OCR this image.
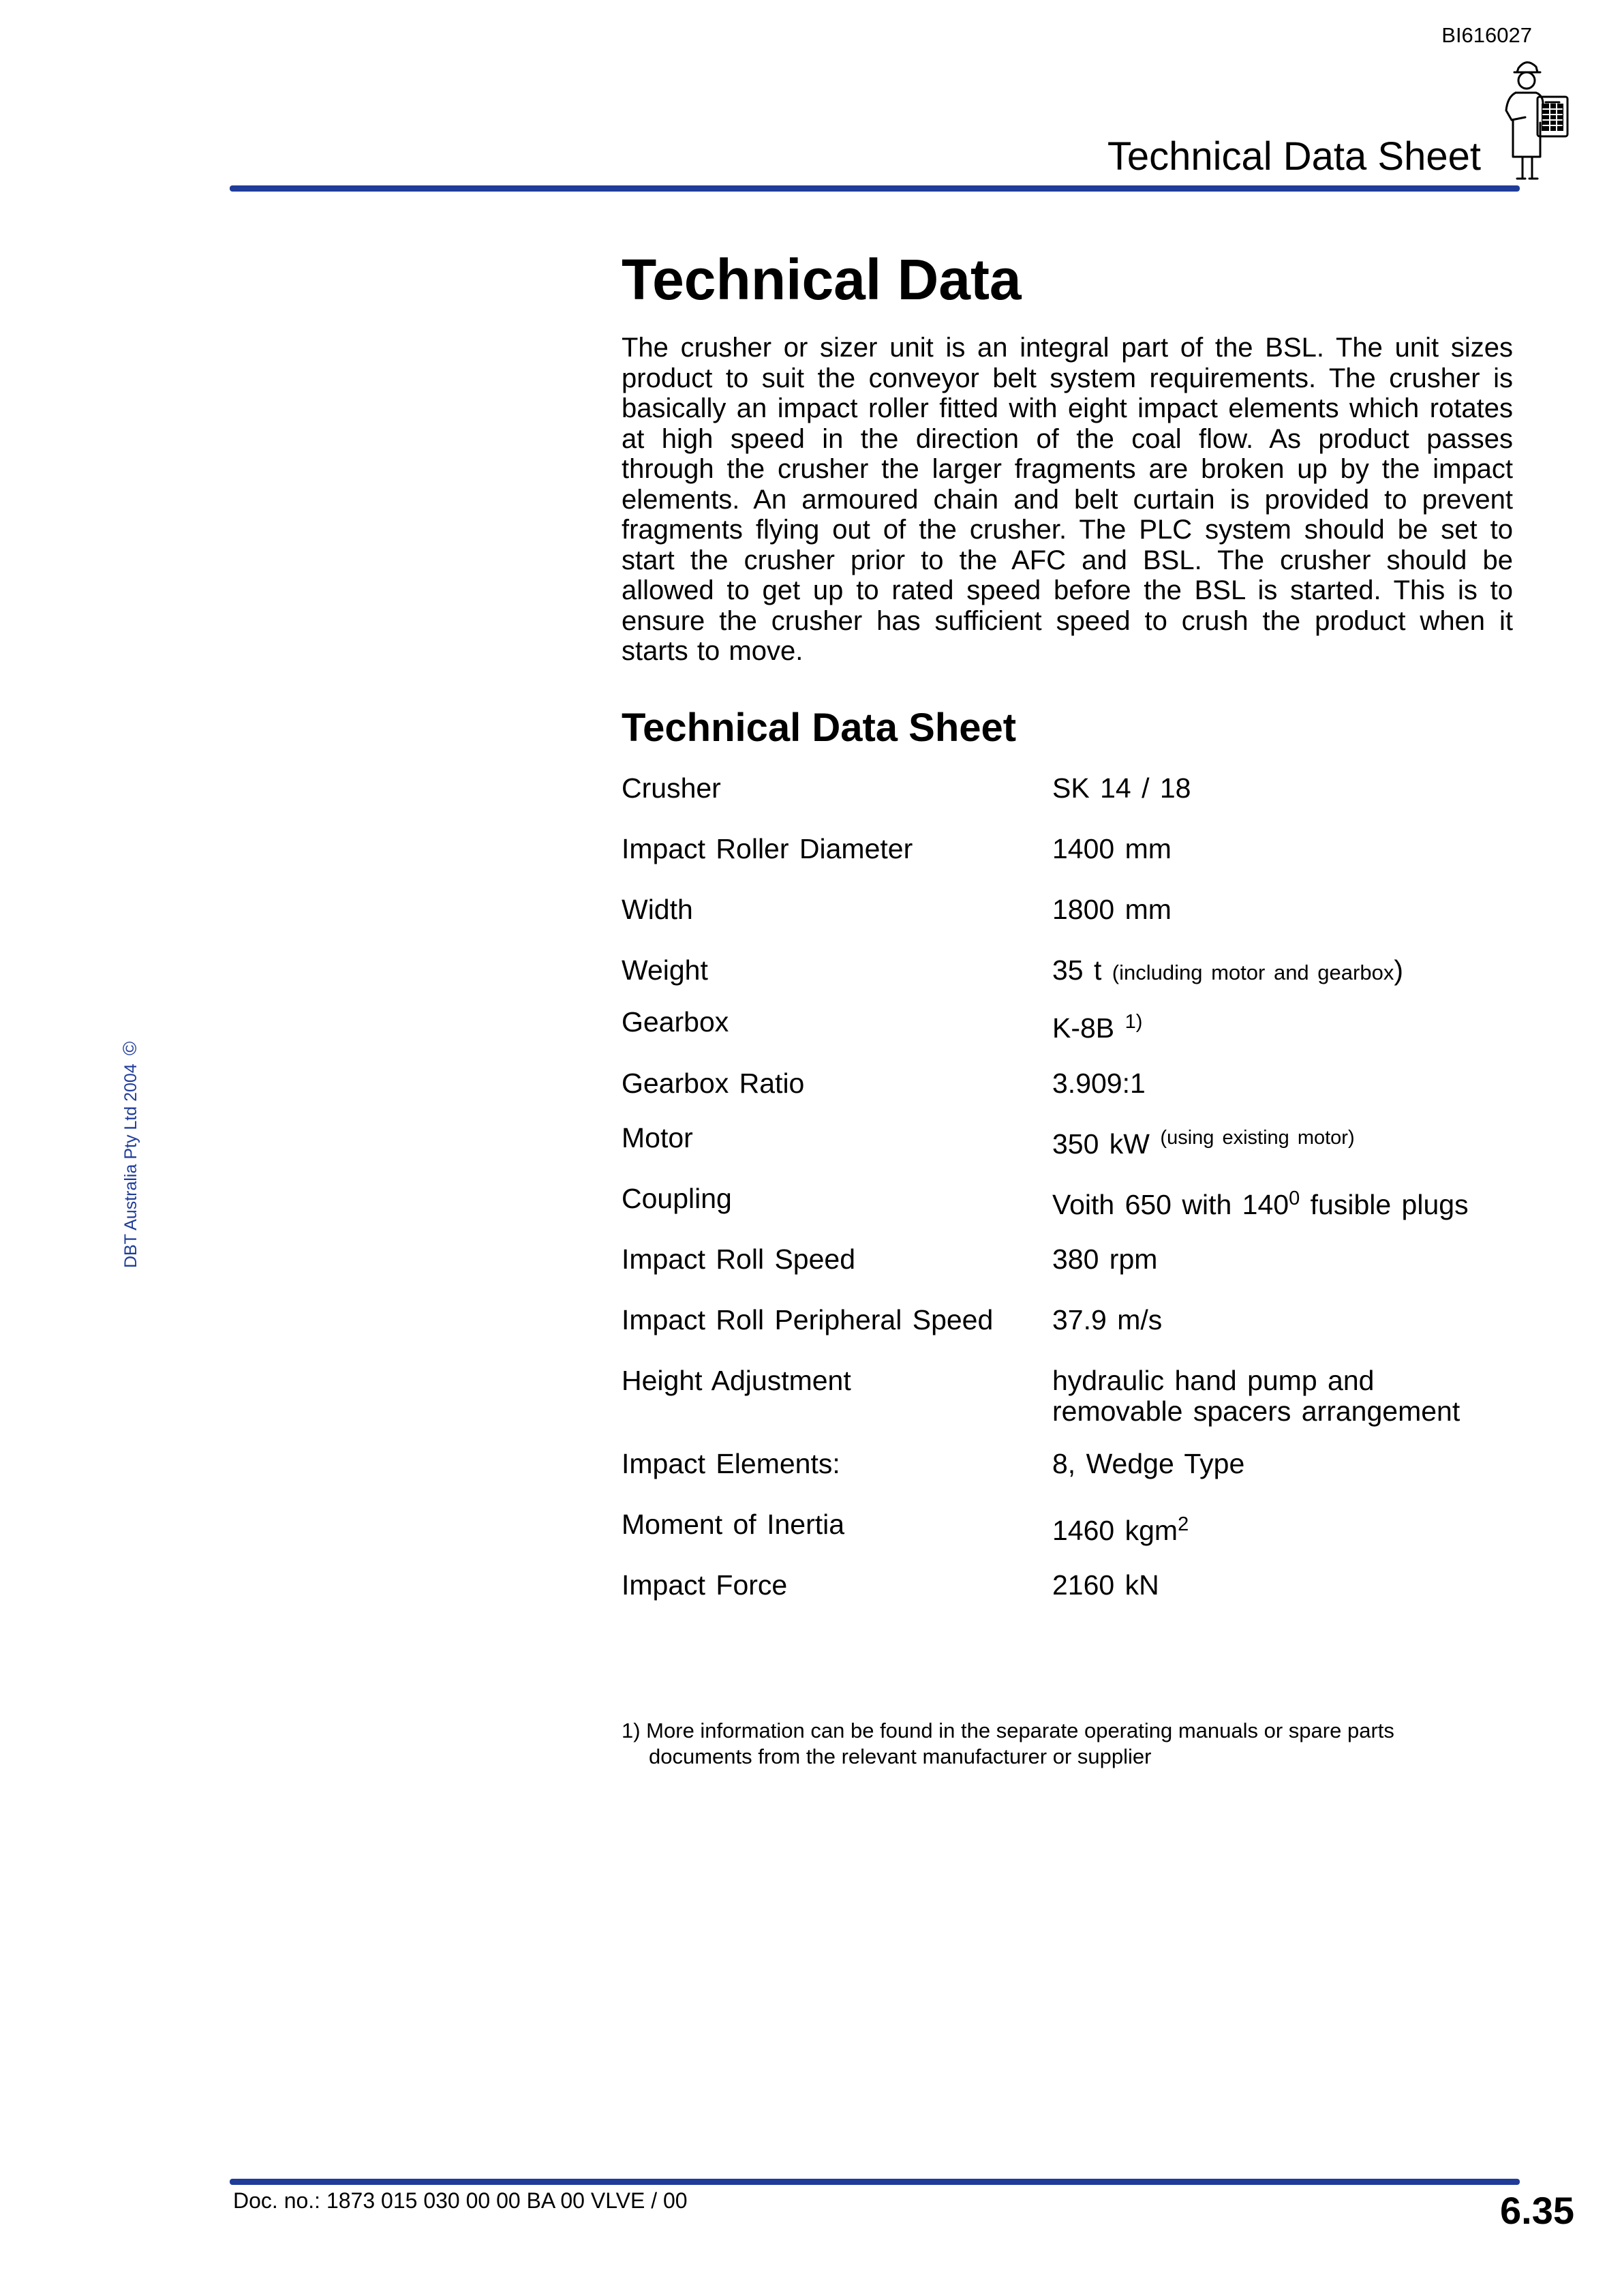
BI616027
Technical Data Sheet
DBT Australia Pty Ltd 2004©
Technical Data

The crusher or sizer unit is an integral part of the BSL. The unit sizes product to suit the conveyor belt system requirements. The crusher is basically an impact roller fitted with eight impact elements which rotates at high speed in the direction of the coal flow. As product passes through the crusher the larger fragments are broken up by the impact elements. An armoured chain and belt curtain is provided to prevent fragments flying out of the crusher. The PLC system should be set to start the crusher prior to the AFC and BSL. The crusher should be allowed to get up to rated speed before the BSL is started. This is to ensure the crusher has sufficient speed to crush the product when it starts to move.

Technical Data Sheet
Crusher	SK 14 / 18
Impact Roller Diameter	1400 mm
Width	1800 mm
Weight	35 t (including motor and gearbox)
Gearbox	K-8B $^{1)}$
Gearbox Ratio	3.909:1
Motor	350 kW $^{(using existing motor)}$
Coupling	Voith 650 with $140^0$ fusible plugs
Impact Roll Speed	380 rpm
Impact Roll Peripheral Speed 37.9 m/s
Height Adjustment	hydraulic hand pump and
removable spacers arrangement
Impact Elements:	8, Wedge Type
Moment of Inertia	1460 kgm$^2$
Impact Force	2160 kN
1) More information can be found in the separate operating manuals or spare parts
documents from the relevant manufacturer or supplier
Doc. no.: 1873 015 030 00 00 BA 00 VLVE / 00	6.35
